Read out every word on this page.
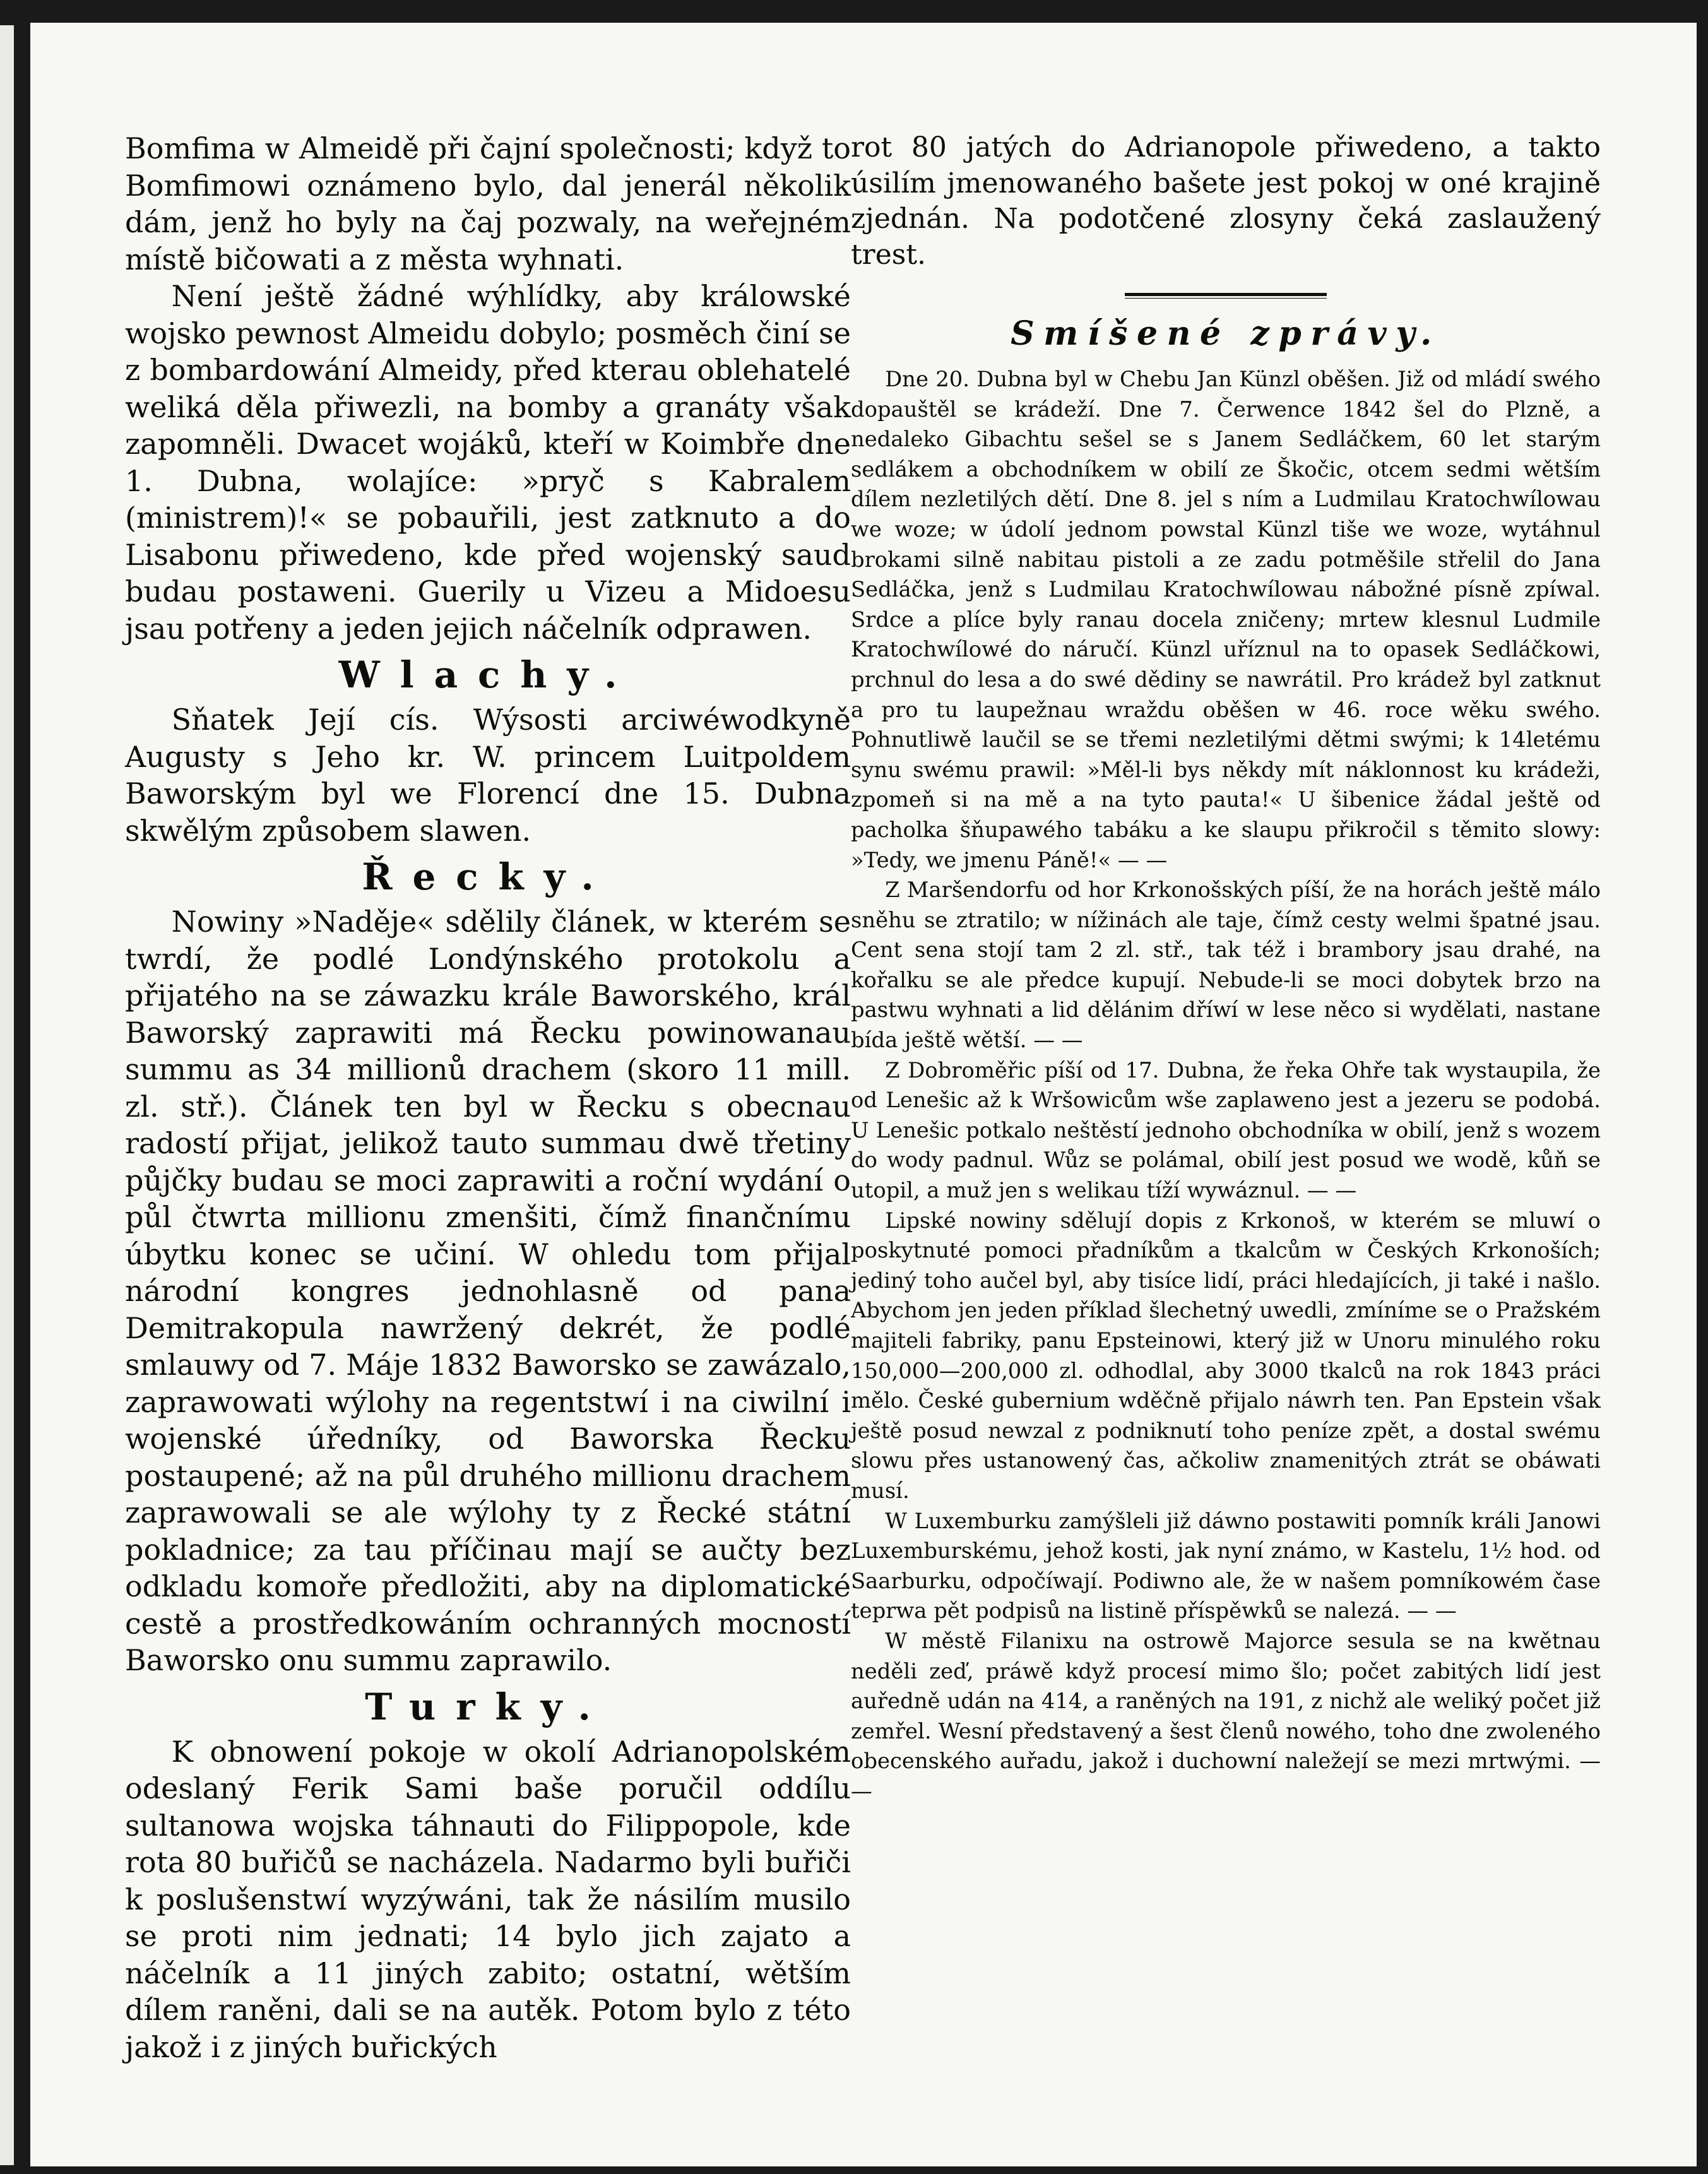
Bomfima w Almeidě při čajní společnosti; když to Bomfimowi oznámeno bylo, dal jenerál několik dám, jenž ho byly na čaj pozwaly, na weřejném místě bičowati a z města wyhnati.

Není ještě žádné wýhlídky, aby králowské wojsko pewnost Almeidu dobylo; posměch činí se z bombardowání Almeidy, před kterau oblehatelé weliká děla přiwezli, na bomby a granáty však zapomněli. Dwacet wojáků, kteří w Koimbře dne 1. Dubna, wolajíce: »pryč s Kabralem (ministrem)!« se pobauřili, jest zatknuto a do Lisabonu přiwedeno, kde před wojenský saud budau postaweni. Guerily u Vizeu a Midoesu jsau potřeny a jeden jejich náčelník odprawen.

Wlachy.

Sňatek Její cís. Wýsosti arciwéwodkyně Augusty s Jeho kr. W. princem Luitpoldem Baworským byl we Florencí dne 15. Dubna skwělým způsobem slawen.

Řecky.

Nowiny »Naděje« sdělily článek, w kterém se twrdí, že podlé Londýnského protokolu a přijatého na se záwazku krále Baworského, král Baworský zaprawiti má Řecku powinowanau summu as 34 millionů drachem (skoro 11 mill. zl. stř.). Článek ten byl w Řecku s obecnau radostí přijat, jelikož tauto summau dwě třetiny půjčky budau se moci zaprawiti a roční wydání o půl čtwrta millionu zmenšiti, čímž finančnímu úbytku konec se učiní. W ohledu tom přijal národní kongres jednohlasně od pana Demitrakopula nawržený dekrét, že podlé smlauwy od 7. Máje 1832 Baworsko se zawázalo, zaprawowati wýlohy na regentstwí i na ciwilní i wojenské úředníky, od Baworska Řecku postaupené; až na půl druhého millionu drachem zaprawowali se ale wýlohy ty z Řecké státní pokladnice; za tau příčinau mají se aučty bez odkladu komoře předložiti, aby na diplomatické cestě a prostředkowáním ochranných mocností Baworsko onu summu zaprawilo.

Turky.

K obnowení pokoje w okolí Adrianopolském odeslaný Ferik Sami baše poručil oddílu sultanowa wojska táhnauti do Filippopole, kde rota 80 buřičů se nacházela. Nadarmo byli buřiči k poslušenstwí wyzýwáni, tak že násilím musilo se proti nim jednati; 14 bylo jich zajato a náčelník a 11 jiných zabito; ostatní, wětším dílem raněni, dali se na autěk. Potom bylo z této jakož i z jiných buřických

rot 80 jatých do Adrianopole přiwedeno, a takto úsilím jmenowaného bašete jest pokoj w oné krajině zjednán. Na podotčené zlosyny čeká zaslaužený trest.

Smíšené zprávy.

Dne 20. Dubna byl w Chebu Jan Künzl oběšen. Již od mládí swého dopauštěl se krádeží. Dne 7. Čerwence 1842 šel do Plzně, a nedaleko Gibachtu sešel se s Janem Sedláčkem, 60 let starým sedlákem a obchodníkem w obilí ze Škočic, otcem sedmi wětším dílem nezletilých dětí. Dne 8. jel s ním a Ludmilau Kratochwílowau we woze; w údolí jednom powstal Künzl tiše we woze, wytáhnul brokami silně nabitau pistoli a ze zadu potměšile střelil do Jana Sedláčka, jenž s Ludmilau Kratochwílowau nábožné písně zpíwal. Srdce a plíce byly ranau docela zničeny; mrtew klesnul Ludmile Kratochwílowé do náručí. Künzl uříznul na to opasek Sedláčkowi, prchnul do lesa a do swé dědiny se nawrátil. Pro krádež byl zatknut a pro tu laupežnau wraždu oběšen w 46. roce wěku swého. Pohnutliwě laučil se se třemi nezletilými dětmi swými; k 14letému synu swému prawil: »Měl-li bys někdy mít náklonnost ku krádeži, zpomeň si na mě a na tyto pauta!« U šibenice žádal ještě od pacholka šňupawého tabáku a ke slaupu přikročil s těmito slowy: »Tedy, we jmenu Páně!« — —

Z Maršendorfu od hor Krkonošských píší, že na horách ještě málo sněhu se ztratilo; w nížinách ale taje, čímž cesty welmi špatné jsau. Cent sena stojí tam 2 zl. stř., tak též i brambory jsau drahé, na kořalku se ale předce kupují. Nebude-li se moci dobytek brzo na pastwu wyhnati a lid dělánim dříwí w lese něco si wydělati, nastane bída ještě wětší. — —

Z Dobroměřic píší od 17. Dubna, že řeka Ohře tak wystaupila, že od Lenešic až k Wršowicům wše zaplaweno jest a jezeru se podobá. U Lenešic potkalo neštěstí jednoho obchodníka w obilí, jenž s wozem do wody padnul. Wůz se polámal, obilí jest posud we wodě, kůň se utopil, a muž jen s welikau tíží wywáznul. — —

Lipské nowiny sdělují dopis z Krkonoš, w kterém se mluwí o poskytnuté pomoci přadníkům a tkalcům w Českých Krkonoších; jediný toho aučel byl, aby tisíce lidí, práci hledajících, ji také i našlo. Abychom jen jeden příklad šlechetný uwedli, zmíníme se o Pražském majiteli fabriky, panu Epsteinowi, který již w Unoru minulého roku 150,000—200,000 zl. odhodlal, aby 3000 tkalců na rok 1843 práci mělo. České gubernium wděčně přijalo náwrh ten. Pan Epstein však ještě posud newzal z podniknutí toho peníze zpět, a dostal swému slowu přes ustanowený čas, ačkoliw znamenitých ztrát se obáwati musí.

W Luxemburku zamýšleli již dáwno postawiti pomník králi Janowi Luxemburskému, jehož kosti, jak nyní známo, w Kastelu, 1½ hod. od Saarburku, odpočíwají. Podiwno ale, že w našem pomníkowém čase teprwa pět podpisů na listině příspěwků se nalezá. — —

W městě Filanixu na ostrowě Majorce sesula se na kwětnau neděli zeď, práwě když procesí mimo šlo; počet zabitých lidí jest auředně udán na 414, a raněných na 191, z nichž ale weliký počet již zemřel. Wesní představený a šest členů nowého, toho dne zwoleného obecenského auřadu, jakož i duchowní naležejí se mezi mrtwými. — —
